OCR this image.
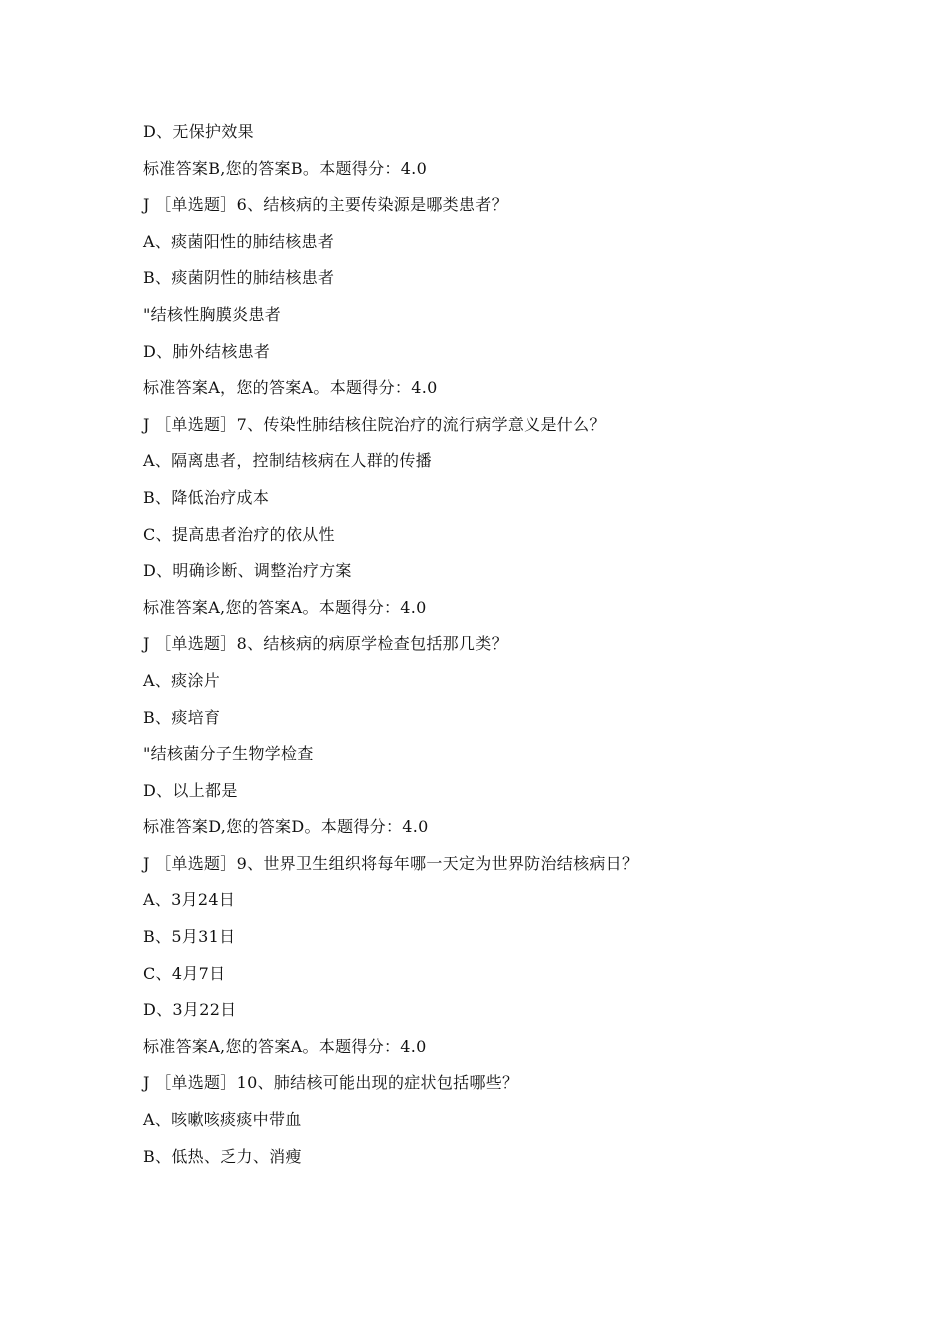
D、无保护效果
标准答案B,您的答案B。本题得分：4.0
J ［单选题］6、结核病的主要传染源是哪类患者？
A、痰菌阳性的肺结核患者
B、痰菌阴性的肺结核患者
"结核性胸膜炎患者
D、肺外结核患者
标准答案A，您的答案A。本题得分：4.0
J ［单选题］7、传染性肺结核住院治疗的流行病学意义是什么？
A、隔离患者，控制结核病在人群的传播
B、降低治疗成本
C、提高患者治疗的依从性
D、明确诊断、调整治疗方案
标准答案A,您的答案A。本题得分：4.0
J ［单选题］8、结核病的病原学检查包括那几类？
A、痰涂片
B、痰培育
"结核菌分子生物学检查
D、以上都是
标准答案D,您的答案D。本题得分：4.0
J ［单选题］9、世界卫生组织将每年哪一天定为世界防治结核病日？
A、3月24日
B、5月31日
C、4月7日
D、3月22日
标准答案A,您的答案A。本题得分：4.0
J ［单选题］10、肺结核可能出现的症状包括哪些？
A、咳嗽咳痰痰中带血
B、低热、乏力、消瘦
